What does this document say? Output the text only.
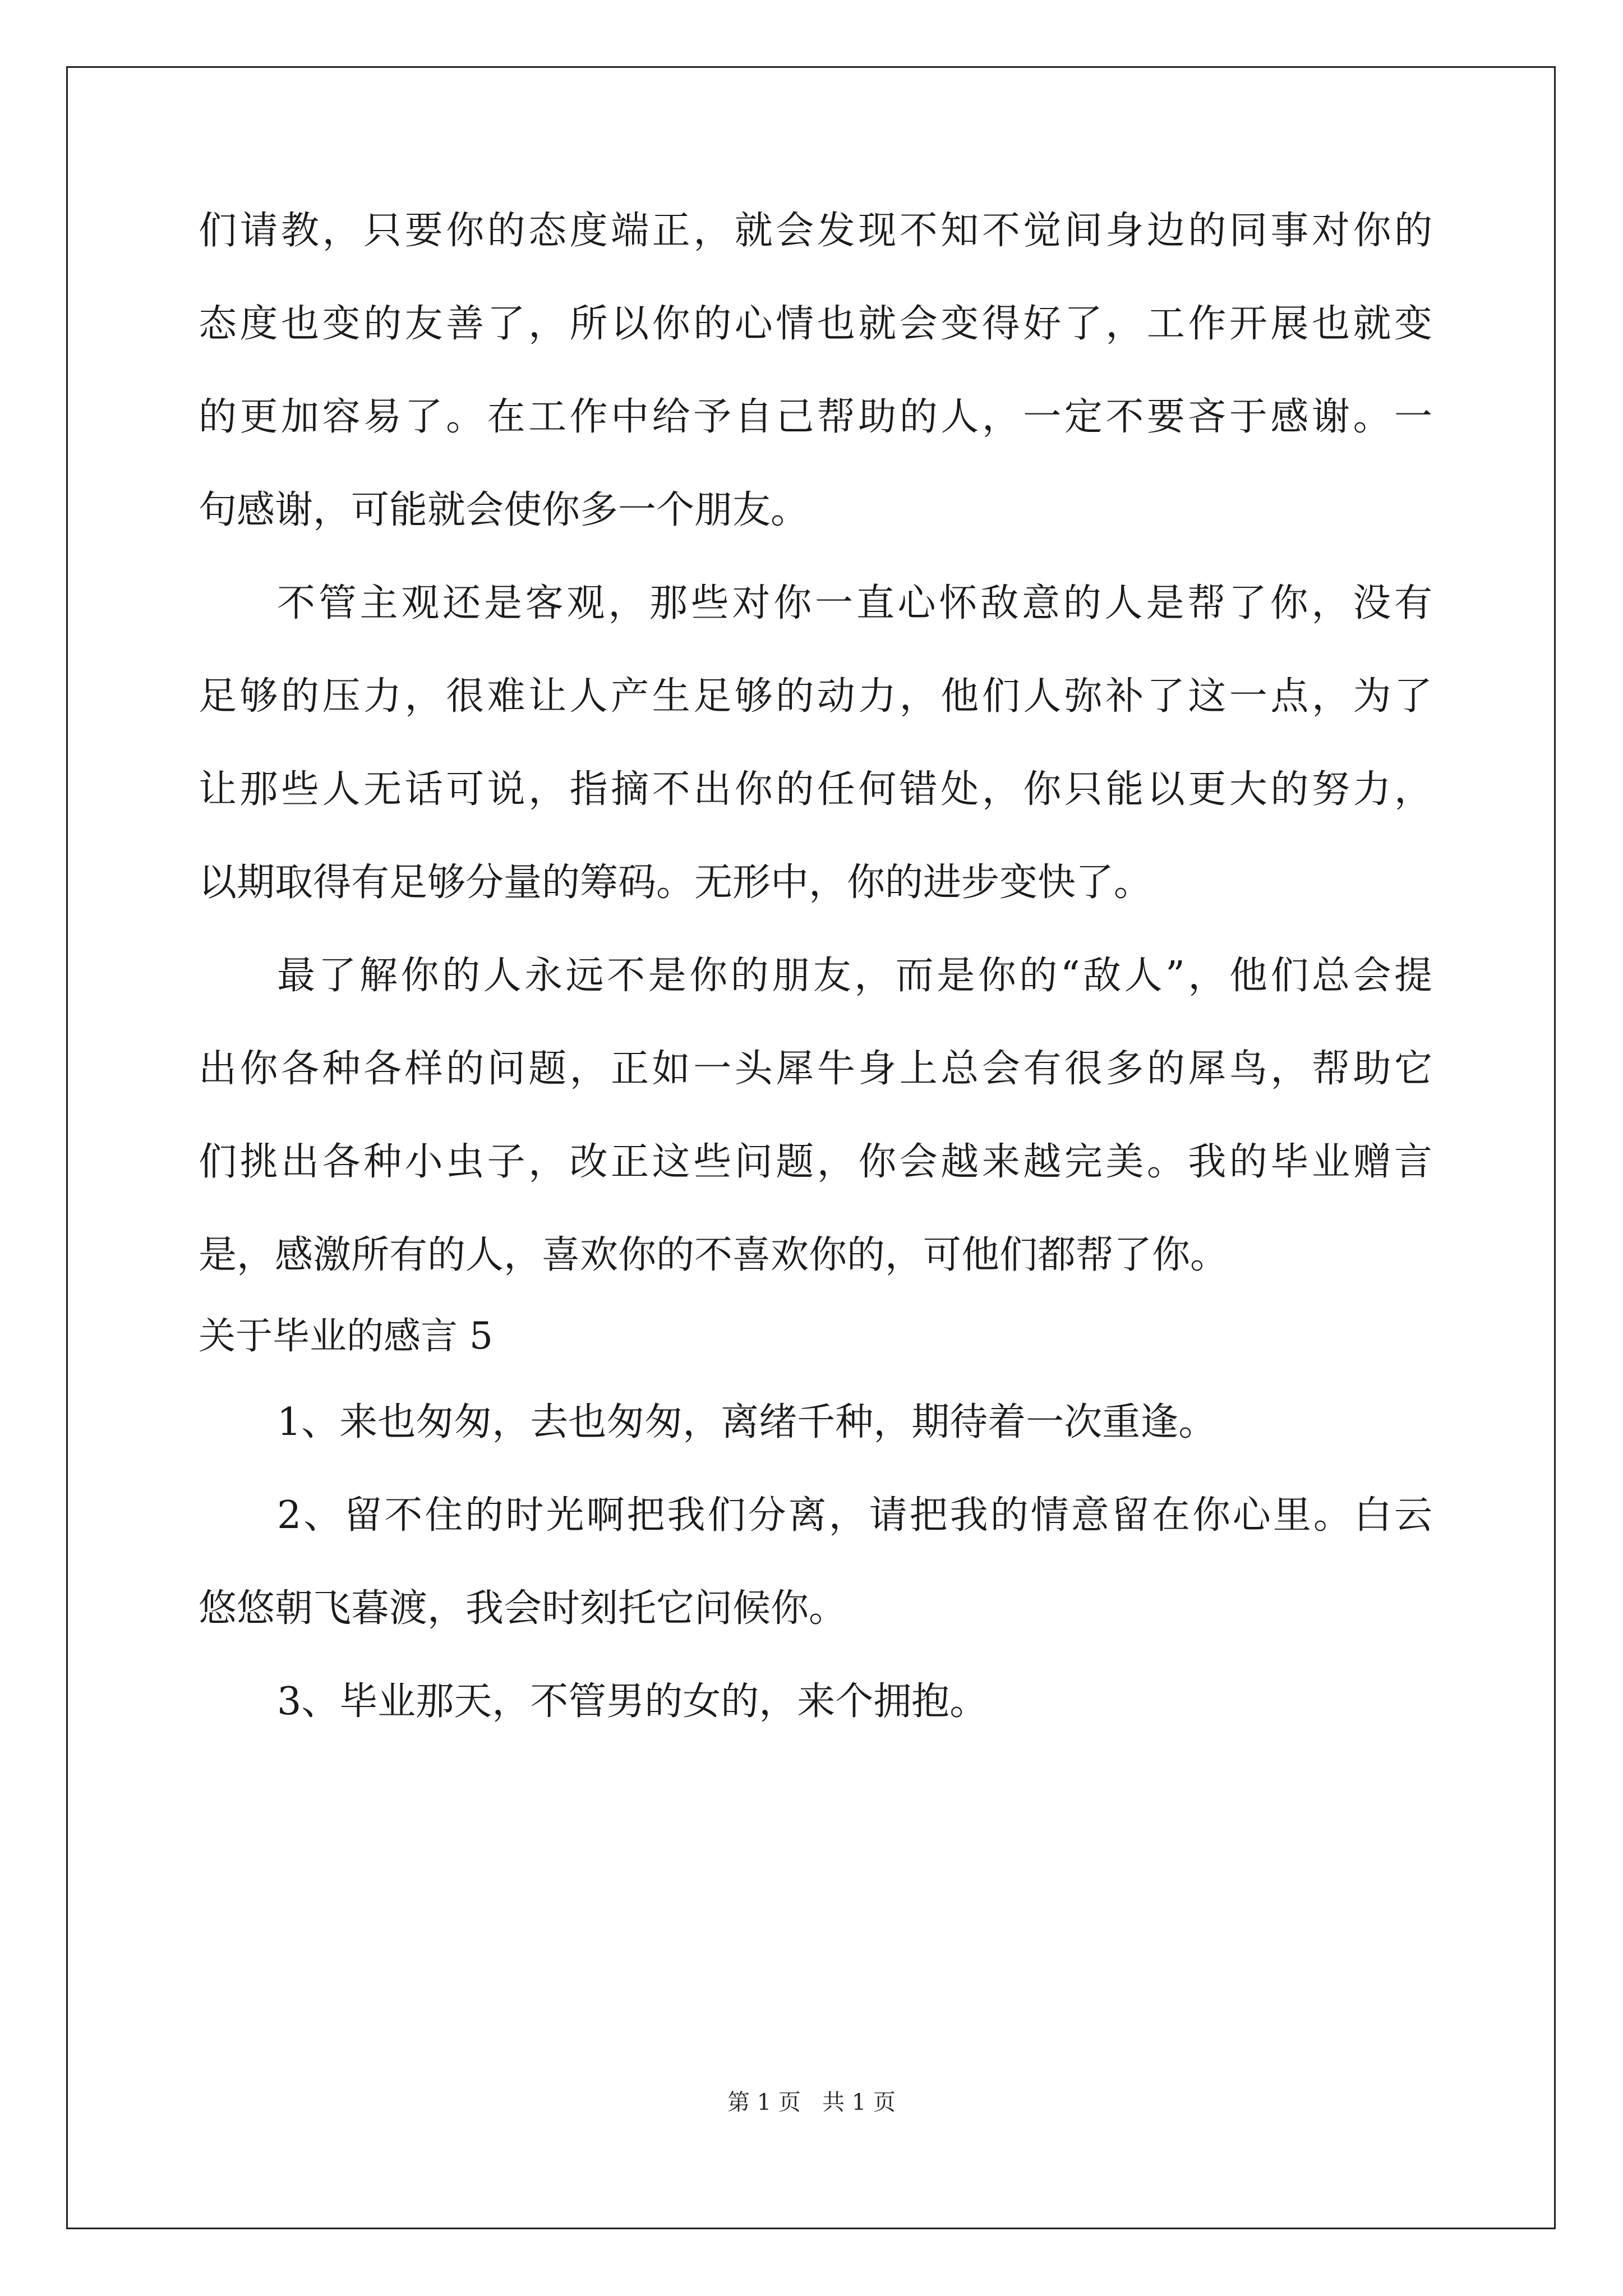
们请教，只要你的态度端正，就会发现不知不觉间身边的同事对你的
态度也变的友善了，所以你的心情也就会变得好了，工作开展也就变
的更加容易了。在工作中给予自己帮助的人，一定不要吝于感谢。一
句感谢，可能就会使你多一个朋友。
不管主观还是客观，那些对你一直心怀敌意的人是帮了你，没有
足够的压力，很难让人产生足够的动力，他们人弥补了这一点，为了
让那些人无话可说，指摘不出你的任何错处，你只能以更大的努力，
以期取得有足够分量的筹码。无形中，你的进步变快了。
最了解你的人永远不是你的朋友，而是你的“敌人”，他们总会提
出你各种各样的问题，正如一头犀牛身上总会有很多的犀鸟，帮助它
们挑出各种小虫子，改正这些问题，你会越来越完美。我的毕业赠言
是，感激所有的人，喜欢你的不喜欢你的，可他们都帮了你。
关于毕业的感言 5
1、来也匆匆，去也匆匆，离绪千种，期待着一次重逢。
2、留不住的时光啊把我们分离，请把我的情意留在你心里。白云
悠悠朝飞暮渡，我会时刻托它问候你。
3、毕业那天，不管男的女的，来个拥抱。
第 1 页   共 1 页
